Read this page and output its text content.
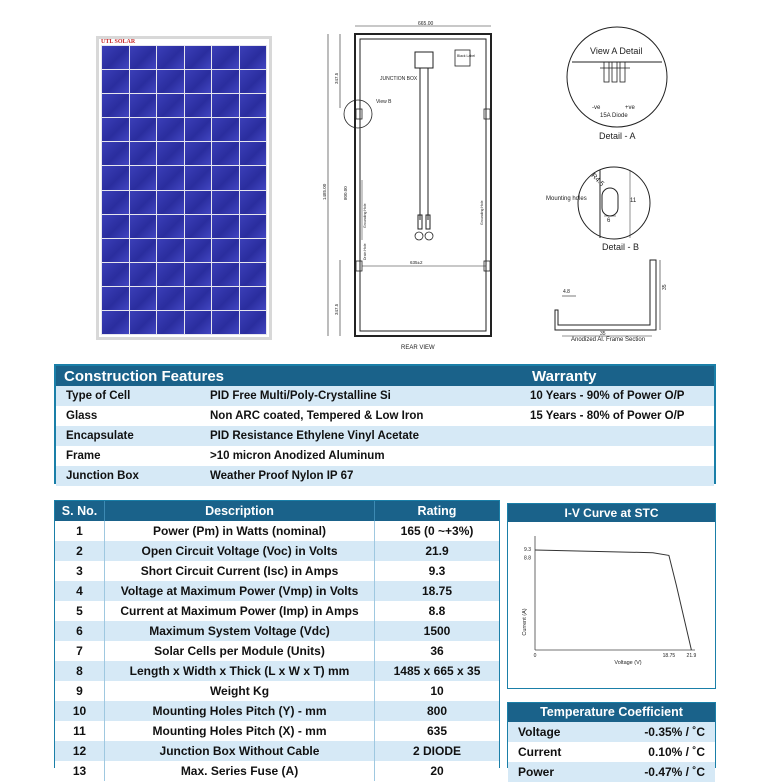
UTL SOLAR
665.00
JUNCTION BOX
View B
Black Label
1485.00
347.5
800.00
347.5
635±2
Grounding Hole	Grounding Hole
Drain Hole
REAR VIEW
View A Detail
-ve	+ve
15A Diode
Detail - A
R4.5
Mounting holes	11
6
Detail - B
4.8
35
35
Anodized Al. Frame Section
Construction Features	Warranty
Type of Cell	PID Free Multi/Poly-Crystalline Si	10 Years - 90% of Power O/P
Glass	Non ARC coated, Tempered & Low Iron	15 Years - 80% of Power O/P
Encapsulate	PID Resistance Ethylene Vinyl Acetate
Frame	>10 micron Anodized Aluminum
Junction Box	Weather Proof Nylon IP 67
S. No.	Description	Rating
1	Power (Pm) in Watts (nominal)	165 (0 ~+3%)
2	Open Circuit Voltage (Voc) in Volts	21.9
3	Short Circuit Current (Isc) in Amps	9.3
4	Voltage at Maximum Power (Vmp) in Volts	18.75
5	Current at Maximum Power (Imp) in Amps	8.8
6	Maximum System Voltage (Vdc)	1500
7	Solar Cells per Module (Units)	36
8	Length x Width x Thick (L x W x T) mm	1485 x 665 x 35
9	Weight Kg	10
10	Mounting Holes Pitch (Y) - mm	800
11	Mounting Holes Pitch (X) - mm	635
12	Junction Box Without Cable	2 DIODE
13	Max. Series Fuse (A)	20
I-V Curve at STC
9.3
8.8
0	18.75 21.9
Voltage (V)
Current (A)
Temperature Coefficient
Voltage	-0.35% / ˚C
Current	0.10% / ˚C
Power	-0.47% / ˚C
